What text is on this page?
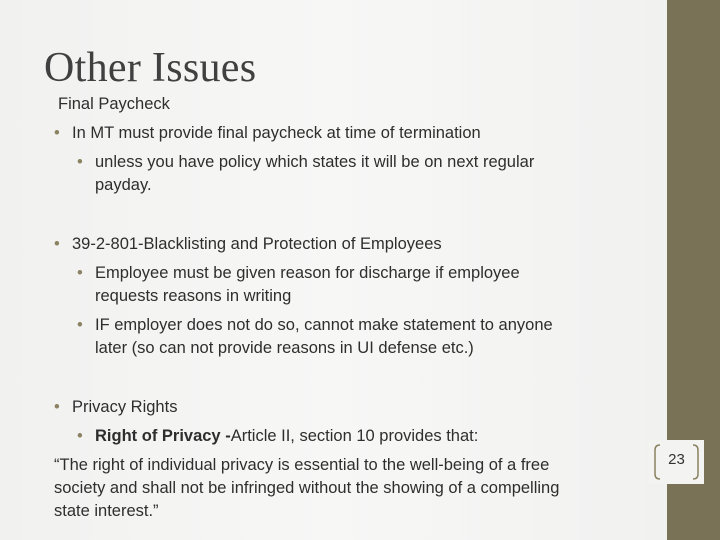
Other Issues
Final Paycheck
• In MT must provide final paycheck at time of termination
• unless you have policy which states it will be on next regular
payday.
• 39-2-801-Blacklisting and Protection of Employees
• Employee must be given reason for discharge if employee
requests reasons in writing
• IF employer does not do so, cannot make statement to anyone
later (so can not provide reasons in UI defense etc.)
• Privacy Rights
• Right of Privacy -Article II, section 10 provides that:
“The right of individual privacy is essential to the well-being of a free
society and shall not be infringed without the showing of a compelling
state interest.”
23
